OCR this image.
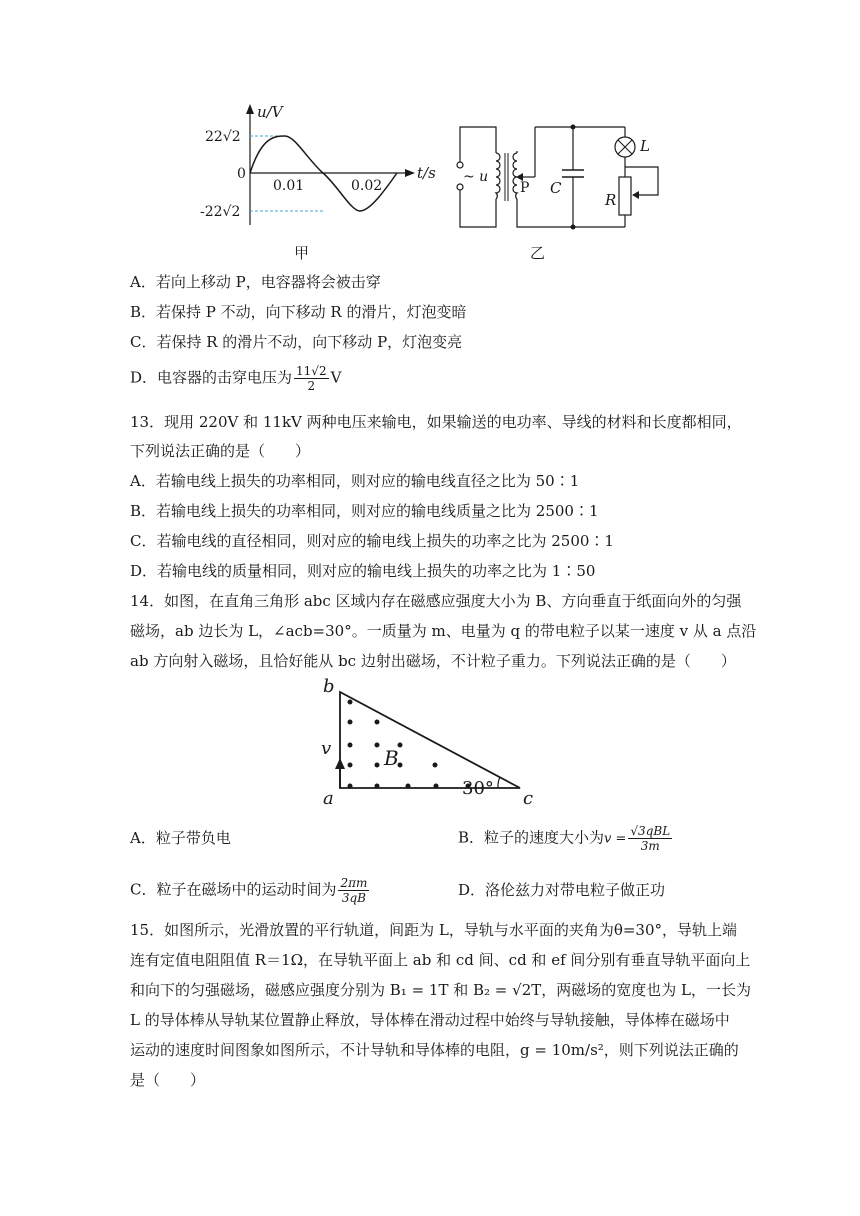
u/V
t/s
22√2
-22√2
0
0.01	0.02
甲
~ u
P C
L
R
乙
A．若向上移动 P，电容器将会被击穿
B．若保持 P 不动，向下移动 R 的滑片，灯泡变暗
C．若保持 R 的滑片不动，向下移动 P，灯泡变亮
D．电容器的击穿电压为 $\frac{11√2}{2}$ V
13．现用 220V 和 11kV 两种电压来输电，如果输送的电功率、导线的材料和长度都相同，
下列说法正确的是（　　）
A．若输电线上损失的功率相同，则对应的输电线直径之比为 50∶1
B．若输电线上损失的功率相同，则对应的输电线质量之比为 2500∶1
C．若输电线的直径相同，则对应的输电线上损失的功率之比为 2500∶1
D．若输电线的质量相同，则对应的输电线上损失的功率之比为 1∶50
14．如图，在直角三角形 abc 区域内存在磁感应强度大小为 B、方向垂直于纸面向外的匀强
磁场，ab 边长为 L，∠acb=30°。一质量为 m、电量为 q 的带电粒子以某一速度 v 从 a 点沿
ab 方向射入磁场，且恰好能从 bc 边射出磁场，不计粒子重力。下列说法正确的是（　　）
b
a	c
v	B
30°
A．粒子带负电	B．粒子的速度大小为$v = \frac{\text{√3qBL}}{3m}$
C．粒子在磁场中的运动时间为 $\frac{2\pi m}{3qB}$	D．洛伦兹力对带电粒子做正功
15．如图所示，光滑放置的平行轨道，间距为 L，导轨与水平面的夹角为θ=30°，导轨上端
连有定值电阻阻值 R＝1Ω，在导轨平面上 ab 和 cd 间、cd 和 ef 间分别有垂直导轨平面向上
和向下的匀强磁场，磁感应强度分别为 B₁ = 1T 和 B₂ = √2T，两磁场的宽度也为 L，一长为
L 的导体棒从导轨某位置静止释放，导体棒在滑动过程中始终与导轨接触，导体棒在磁场中
运动的速度时间图象如图所示，不计导轨和导体棒的电阻，g = 10m/s²，则下列说法正确的
是（　　）
